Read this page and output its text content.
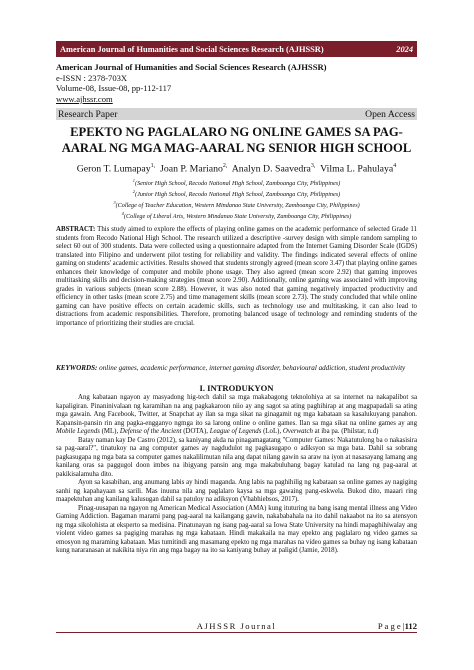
American Journal of Humanities and Social Sciences Research (AJHSSR)	2024
American Journal of Humanities and Social Sciences Research (AJHSSR)
e-ISSN : 2378-703X
Volume-08, Issue-08, pp-112-117
www.ajhssr.com
Research Paper	Open Access
EPEKTO NG PAGLALARO NG ONLINE GAMES SA PAG-AARAL NG MGA MAG-AARAL NG SENIOR HIGH SCHOOL
Geron T. Lumapay$^{1,}$ Joan P. Mariano$^{2,}$ Analyn D. Saavedra$^{3,}$ Vilma L. Pahulaya$^4$
$^1$(Senior High School, Recodo National High School, Zamboanga City, Philippines)
$^2$(Junior High School, Recodo National High School, Zamboanga City, Philippines)
$^3$(College of Teacher Education, Western Mindanao State University, Zamboanga City, Philippines)
$^4$(College of Liberal Arts, Western Mindanao State University, Zamboanga City, Philippines)
ABSTRACT: This study aimed to explore the effects of playing online games on the academic performance of selected Grade 11 students from Recodo National High School. The research utilized a descriptive -survey design with simple random sampling to select 60 out of 300 students. Data were collected using a questionnaire adapted from the Internet Gaming Disorder Scale (IGDS) translated into Filipino and underwent pilot testing for reliability and validity. The findings indicated several effects of online gaming on students' academic activities. Results showed that students strongly agreed (mean score 3.47) that playing online games enhances their knowledge of computer and mobile phone usage. They also agreed (mean score 2.92) that gaming improves multitasking skills and decision-making strategies (mean score 2.90). Additionally, online gaming was associated with improving grades in various subjects (mean score 2.88). However, it was also noted that gaming negatively impacted productivity and efficiency in other tasks (mean score 2.75) and time management skills (mean score 2.73). The study concluded that while online gaming can have positive effects on certain academic skills, such as technology use and multitasking, it can also lead to distractions from academic responsibilities. Therefore, promoting balanced usage of technology and reminding students of the importance of prioritizing their studies are crucial.
KEYWORDS: online games, academic performance, internet gaming disorder, behavioural addiction, student productivity
I. INTRODUKYON

Ang kabataan ngayon ay masyadong hig-tech dahil sa mga makabagong teknolohiya at sa internet na nakapalibot sa kapaligiran. Pinaninivalaan ng karamihan na ang pagkakaroon niio ay ang sagot sa ating paghihirap at ang magpapadali sa ating mga gawain. Ang Facebook, Twitter, at Snapchat ay ilan sa mga sikat na ginagamit ng mga kabataan sa kasalukuyang panahon. Kapansin-pansin rin ang pagka-engganyo ngmga ito sa larong online o online games. Ilan sa mga sikat na online games ay ang Mobile Legends (ML), Defense of the Ancient (DOTA), League of Legends (LoL), Overwatch at iba pa. (Philstar, n.d)

Batay naman kay De Castro (2012), sa kaniyang akda na pinagamagatang "Computer Games: Nakatutulong ba o nakasisira sa pag-aaral?", tinatukoy na ang computer games ay nagdudulot ng pagkasugapo o adiksyon sa mga bata. Dahil sa sobrang pagkasugapa ng mga bata sa computer games nakalilimutan nila ang dapat nilang gawin sa araw na iyon at nasasayang lamang ang kanilang oras sa paggugol doon imbes na ibigyang pansin ang mga makabuluhang bagay katulad na lang ng pag-aaral at pakikisalamuha dito.

Ayon sa kasabihan, ang anumang labis ay hindi maganda. Ang labis na paghihilig ng kabataan sa online games ay nagiging sanhi ng kapahayaan sa sarili. Mas inuuna nila ang paglalaro kaysa sa mga gawaing pang-eskwela. Bukod dito, maaari ring maapektuhan ang kanilang kalusugan dahil sa patuloy na adiksyon (Vhabhiebsos, 2017).

Pinag-uusapan na ngayon ng American Medical Association (AMA) kung ituturing na bang isang mental illness ang Video Gaming Addiction. Bagaman marami pang pag-aaral na kailangang gawin, nakababahala na ito dahil nakaabot na ito sa atensyon ng mga sikolohista at eksperto sa medisina. Pinatunayan ng isang pag-aaral sa Iowa State University na hindi mapaghihiwalay ang violent video games sa pagiging marahas ng mga kabataan. Hindi makakaila na may epekto ang paglalaro ng video games sa emosyon ng maraming kabataan. Mas tumitindi ang masamang epekto ng mga marahas na video games sa buhay ng isang kabataan kung nararanasan at nakikita niya rin ang mga bagay na ito sa kaniyang buhay at paligid (Jamie, 2018).

AJHSSR Journal	P a g e |112
